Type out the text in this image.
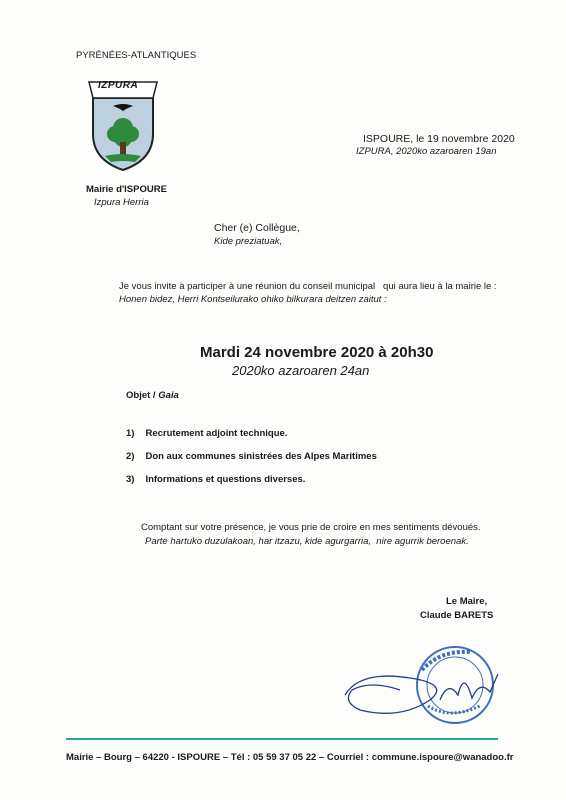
PYRÉNÉES-ATLANTIQUES
IZPURA
Mairie d'ISPOURE
Izpura Herria
ISPOURE, le 19 novembre 2020
IZPURA, 2020ko azaroaren 19an
Cher (e) Collègue,
Kide preziatuak,
Je vous invite à participer à une réunion du conseil municipal   qui aura lieu à la mairie le :
Honen bidez, Herri Kontseilurako ohiko bilkurara deitzen zaitut :
Mardi 24 novembre 2020 à 20h30
2020ko azaroaren 24an
Objet / Gaia
1) Recrutement adjoint technique.
2) Don aux communes sinistrées des Alpes Maritimes
3) Informations et questions diverses.
Comptant sur votre présence, je vous prie de croire en mes sentiments dévoués.
Parte hartuko duzulakoan, har itzazu, kide agurgarria,  nire agurrik beroenak.
Le Maire,
Claude BARETS
Mairie – Bourg – 64220 - ISPOURE – Tél : 05 59 37 05 22 – Courriel : commune.ispoure@wanadoo.fr
